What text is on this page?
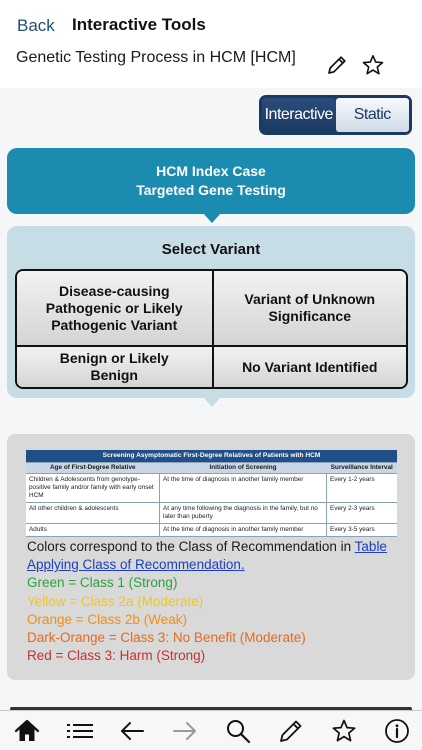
Back Interactive Tools
Genetic Testing Process in HCM [HCM]
Interactive	Static
HCM Index Case
Targeted Gene Testing
Select Variant
Disease-causing Pathogenic or Likely Pathogenic Variant
Variant of Unknown Significance
Benign or Likely Benign
No Variant Identified
Screening Asymptomatic First-Degree Relatives of Patients with HCM		
Age of First-Degree Relative	Initiation of Screening	Surveillance Interval
Children & Adolescents from genotype-positive family and/or family with early onset HCM	At the time of diagnosis in another family member	Every 1-2 years
All other children & adolescents	At any time following the diagnosis in the family, but no later than puberty	Every 2-3 years
Adults	At the time of diagnosis in another family member	Every 3-5 years
Colors correspond to the Class of Recommendation in Table Applying Class of Recommendation.
Green = Class 1 (Strong)
Yellow = Class 2a (Moderate)
Orange = Class 2b (Weak)
Dark-Orange = Class 3: No Benefit (Moderate)
Red = Class 3: Harm (Strong)
